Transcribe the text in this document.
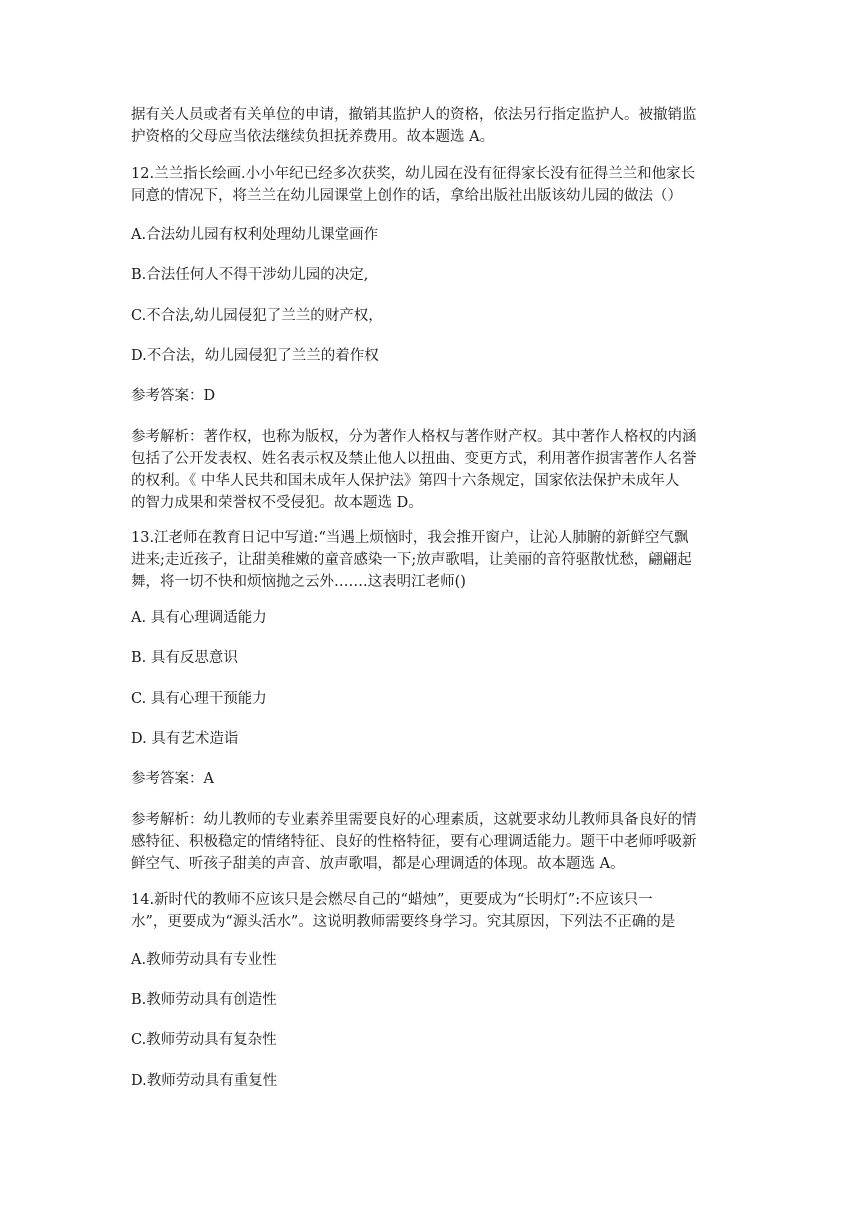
据有关人员或者有关单位的申请，撤销其监护人的资格，依法另行指定监护人。被撤销监

护资格的父母应当依法继续负担抚养费用。故本题选 A。

12.兰兰指长绘画.小小年纪已经多次获奖，幼儿园在没有征得家长没有征得兰兰和他家长

同意的情况下，将兰兰在幼儿园课堂上创作的话，拿给出版社出版该幼儿园的做法（）

A.合法幼儿园有权利处理幼儿课堂画作

B.合法任何人不得干涉幼儿园的决定,

C.不合法,幼儿园侵犯了兰兰的财产权，

D.不合法，幼儿园侵犯了兰兰的着作权

参考答案：D

参考解析：著作权，也称为版权，分为著作人格权与著作财产权。其中著作人格权的内涵

包括了公开发表权、姓名表示权及禁止他人以扭曲、变更方式，利用著作损害著作人名誉

的权利。《 中华人民共和国未成年人保护法》第四十六条规定，国家依法保护未成年人

的智力成果和荣誉权不受侵犯。故本题选 D。

13.江老师在教育日记中写道:“当遇上烦恼时，我会推开窗户，让沁人肺腑的新鲜空气飘

进来;走近孩子，让甜美稚嫩的童音感染一下;放声歌唱，让美丽的音符驱散忧愁，翩翩起

舞，将一切不快和烦恼抛之云外…….这表明江老师()

A. 具有心理调适能力

B. 具有反思意识

C. 具有心理干预能力

D. 具有艺术造诣

参考答案：A

参考解析：幼儿教师的专业素养里需要良好的心理素质，这就要求幼儿教师具备良好的情

感特征、积极稳定的情绪特征、良好的性格特征，要有心理调适能力。题干中老师呼吸新

鲜空气、听孩子甜美的声音、放声歌唱，都是心理调适的体现。故本题选 A。

14.新时代的教师不应该只是会燃尽自己的“蜡烛”，更要成为“长明灯”:不应该只一

水”，更要成为“源头活水”。这说明教师需要终身学习。究其原因，下列法不正确的是

A.教师劳动具有专业性

B.教师劳动具有创造性

C.教师劳动具有复杂性

D.教师劳动具有重复性
